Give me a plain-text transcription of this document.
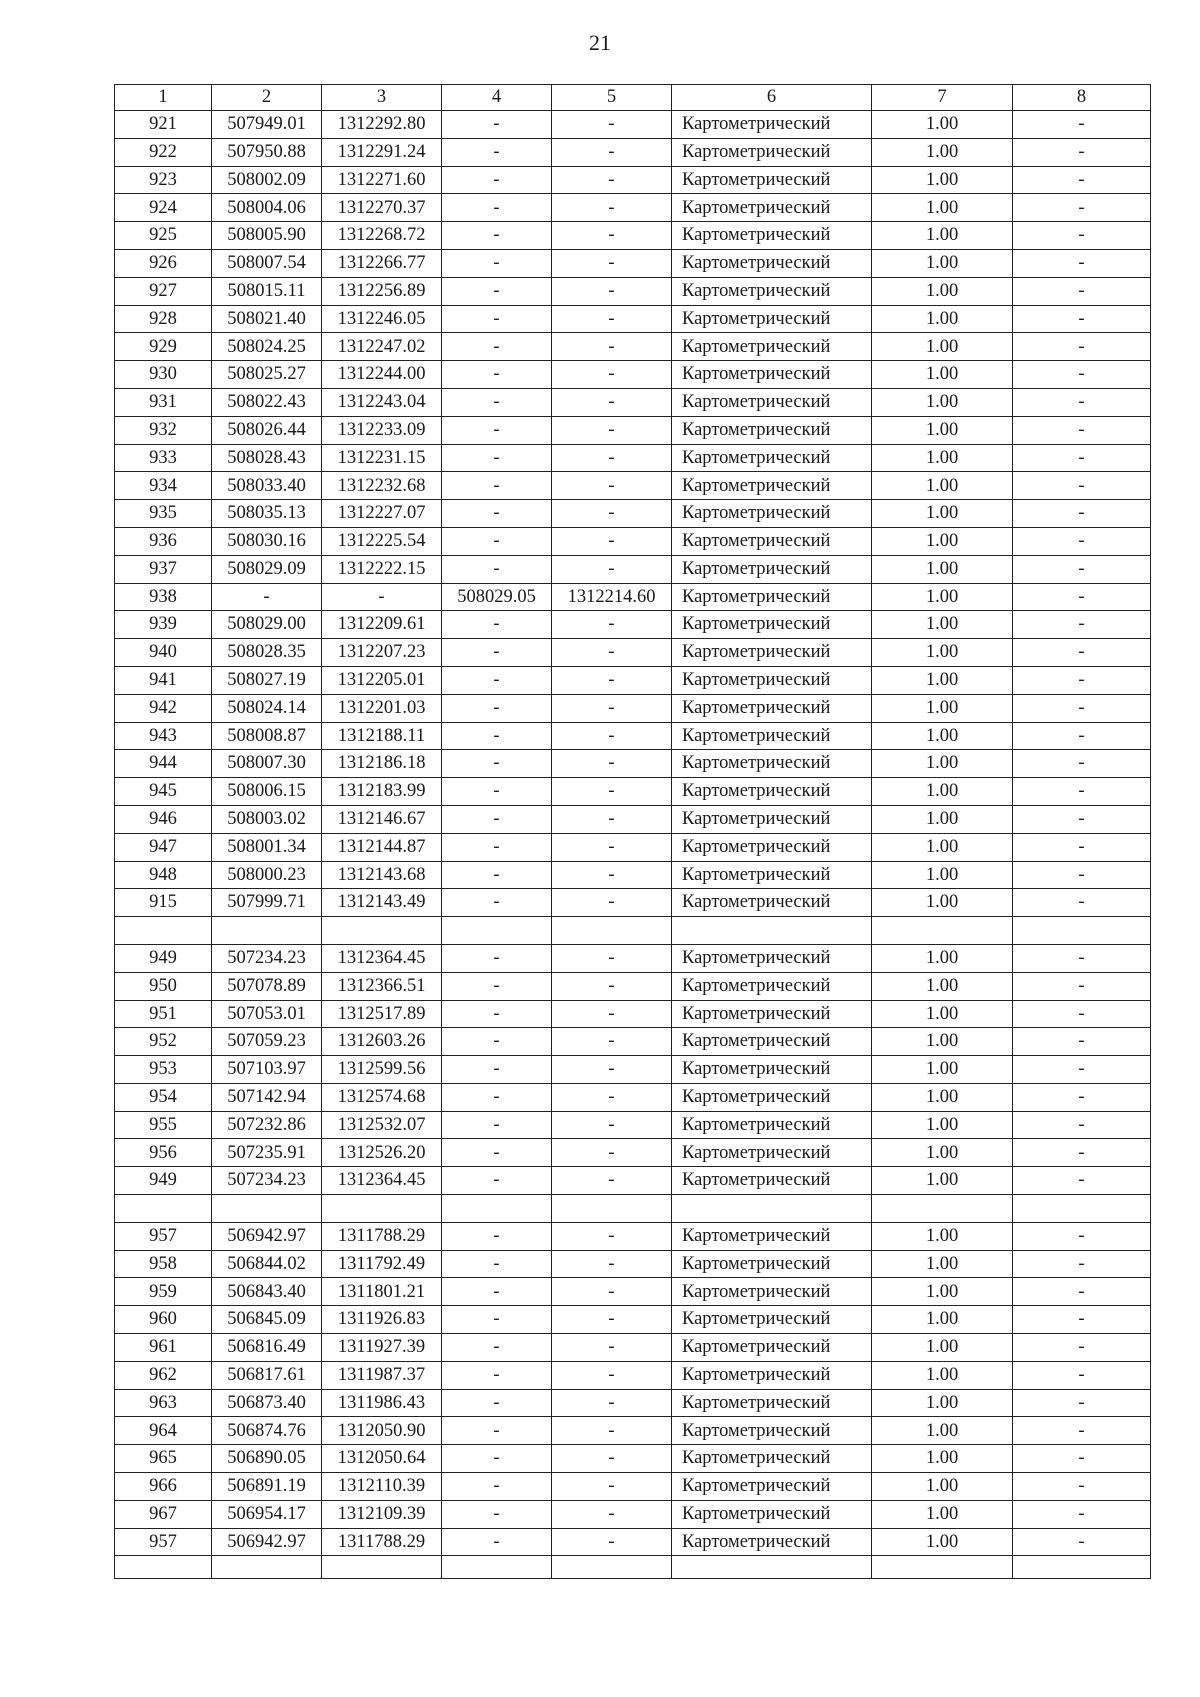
21
1	2	3	4	5	6	7	8
921	507949.01	1312292.80	-	-	Картометрический	1.00	-
922	507950.88	1312291.24	-	-	Картометрический	1.00	-
923	508002.09	1312271.60	-	-	Картометрический	1.00	-
924	508004.06	1312270.37	-	-	Картометрический	1.00	-
925	508005.90	1312268.72	-	-	Картометрический	1.00	-
926	508007.54	1312266.77	-	-	Картометрический	1.00	-
927	508015.11	1312256.89	-	-	Картометрический	1.00	-
928	508021.40	1312246.05	-	-	Картометрический	1.00	-
929	508024.25	1312247.02	-	-	Картометрический	1.00	-
930	508025.27	1312244.00	-	-	Картометрический	1.00	-
931	508022.43	1312243.04	-	-	Картометрический	1.00	-
932	508026.44	1312233.09	-	-	Картометрический	1.00	-
933	508028.43	1312231.15	-	-	Картометрический	1.00	-
934	508033.40	1312232.68	-	-	Картометрический	1.00	-
935	508035.13	1312227.07	-	-	Картометрический	1.00	-
936	508030.16	1312225.54	-	-	Картометрический	1.00	-
937	508029.09	1312222.15	-	-	Картометрический	1.00	-
938	-	-	508029.05	1312214.60	Картометрический	1.00	-
939	508029.00	1312209.61	-	-	Картометрический	1.00	-
940	508028.35	1312207.23	-	-	Картометрический	1.00	-
941	508027.19	1312205.01	-	-	Картометрический	1.00	-
942	508024.14	1312201.03	-	-	Картометрический	1.00	-
943	508008.87	1312188.11	-	-	Картометрический	1.00	-
944	508007.30	1312186.18	-	-	Картометрический	1.00	-
945	508006.15	1312183.99	-	-	Картометрический	1.00	-
946	508003.02	1312146.67	-	-	Картометрический	1.00	-
947	508001.34	1312144.87	-	-	Картометрический	1.00	-
948	508000.23	1312143.68	-	-	Картометрический	1.00	-
915	507999.71	1312143.49	-	-	Картометрический	1.00	-

949	507234.23	1312364.45	-	-	Картометрический	1.00	-
950	507078.89	1312366.51	-	-	Картометрический	1.00	-
951	507053.01	1312517.89	-	-	Картометрический	1.00	-
952	507059.23	1312603.26	-	-	Картометрический	1.00	-
953	507103.97	1312599.56	-	-	Картометрический	1.00	-
954	507142.94	1312574.68	-	-	Картометрический	1.00	-
955	507232.86	1312532.07	-	-	Картометрический	1.00	-
956	507235.91	1312526.20	-	-	Картометрический	1.00	-
949	507234.23	1312364.45	-	-	Картометрический	1.00	-

957	506942.97	1311788.29	-	-	Картометрический	1.00	-
958	506844.02	1311792.49	-	-	Картометрический	1.00	-
959	506843.40	1311801.21	-	-	Картометрический	1.00	-
960	506845.09	1311926.83	-	-	Картометрический	1.00	-
961	506816.49	1311927.39	-	-	Картометрический	1.00	-
962	506817.61	1311987.37	-	-	Картометрический	1.00	-
963	506873.40	1311986.43	-	-	Картометрический	1.00	-
964	506874.76	1312050.90	-	-	Картометрический	1.00	-
965	506890.05	1312050.64	-	-	Картометрический	1.00	-
966	506891.19	1312110.39	-	-	Картометрический	1.00	-
967	506954.17	1312109.39	-	-	Картометрический	1.00	-
957	506942.97	1311788.29	-	-	Картометрический	1.00	-
